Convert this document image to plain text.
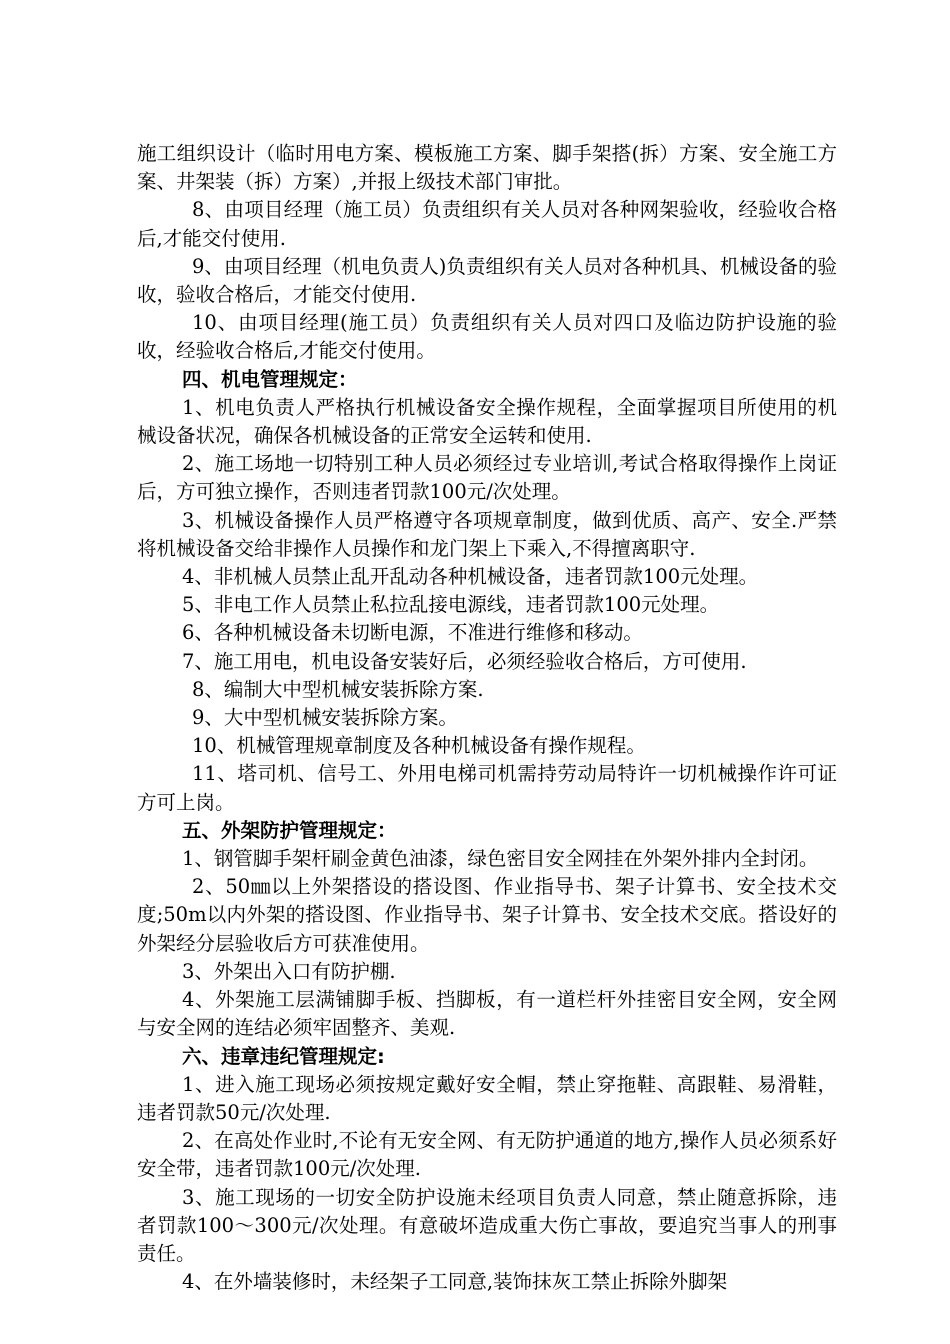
施工组织设计（临时用电方案、模板施工方案、脚手架搭(拆）方案、安全施工方案、井架装（拆）方案）,并报上级技术部门审批。

8、由项目经理（施工员）负责组织有关人员对各种网架验收，经验收合格后,才能交付使用.

9、由项目经理（机电负责人)负责组织有关人员对各种机具、机械设备的验收，验收合格后，才能交付使用.

10、由项目经理(施工员）负责组织有关人员对四口及临边防护设施的验收，经验收合格后,才能交付使用。

四、机电管理规定：

1、机电负责人严格执行机械设备安全操作规程，全面掌握项目所使用的机械设备状况，确保各机械设备的正常安全运转和使用.

2、施工场地一切特别工种人员必须经过专业培训,考试合格取得操作上岗证后，方可独立操作，否则违者罚款100元/次处理。

3、机械设备操作人员严格遵守各项规章制度，做到优质、高产、安全.严禁将机械设备交给非操作人员操作和龙门架上下乘入,不得擅离职守.

4、非机械人员禁止乱开乱动各种机械设备，违者罚款100元处理。

5、非电工作人员禁止私拉乱接电源线，违者罚款100元处理。

6、各种机械设备未切断电源，不准进行维修和移动。

7、施工用电，机电设备安装好后，必须经验收合格后，方可使用.

8、编制大中型机械安装拆除方案.

9、大中型机械安装拆除方案。

10、机械管理规章制度及各种机械设备有操作规程。

11、塔司机、信号工、外用电梯司机需持劳动局特许一切机械操作许可证方可上岗。

五、外架防护管理规定：

1、钢管脚手架杆刷金黄色油漆，绿色密目安全网挂在外架外排内全封闭。

2、50㎜以上外架搭设的搭设图、作业指导书、架子计算书、安全技术交度;50m以内外架的搭设图、作业指导书、架子计算书、安全技术交底。搭设好的外架经分层验收后方可获准使用。

3、外架出入口有防护棚.

4、外架施工层满铺脚手板、挡脚板，有一道栏杆外挂密目安全网，安全网与安全网的连结必须牢固整齐、美观.

六、违章违纪管理规定:

1、进入施工现场必须按规定戴好安全帽，禁止穿拖鞋、高跟鞋、易滑鞋，违者罚款50元/次处理.

2、在高处作业时,不论有无安全网、有无防护通道的地方,操作人员必须系好安全带，违者罚款100元/次处理.

3、施工现场的一切安全防护设施未经项目负责人同意，禁止随意拆除，违者罚款100～300元/次处理。有意破坏造成重大伤亡事故，要追究当事人的刑事责任。

4、在外墙装修时，未经架子工同意,装饰抹灰工禁止拆除外脚架
